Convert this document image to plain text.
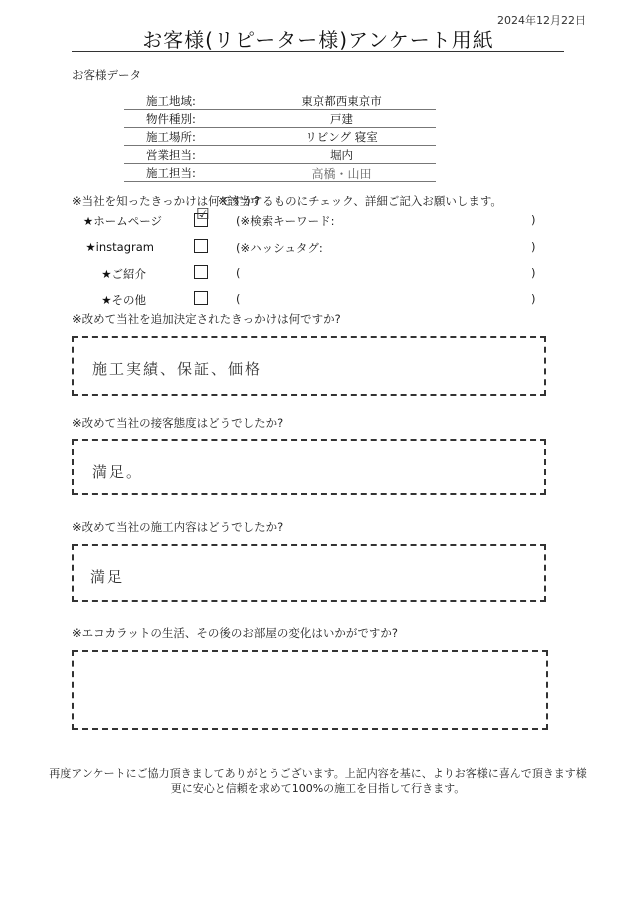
2024年12月22日
お客様(リピーター様)アンケート用紙
お客様データ
施工地域:	東京都西東京市
物件種別:	戸建
施工場所:	リビング 寝室
営業担当:	堀内
施工担当:	高橋・山田
※当社を知ったきっかけは何ですか?
※該当するものにチェック、詳細ご記入お願いします。
★ホームページ ☑ (※検索キーワード:	)
★instagram	(※ハッシュタグ:	)
★ご紹介	(	)
★その他	(	)
※改めて当社を追加決定されたきっかけは何ですか?
施工実績、保証、価格
※改めて当社の接客態度はどうでしたか?
満足。
※改めて当社の施工内容はどうでしたか?
満足
※エコカラットの生活、その後のお部屋の変化はいかがですか?
再度アンケートにご協力頂きましてありがとうございます。上記内容を基に、よりお客様に喜んで頂きます様
更に安心と信頼を求めて100%の施工を目指して行きます。
